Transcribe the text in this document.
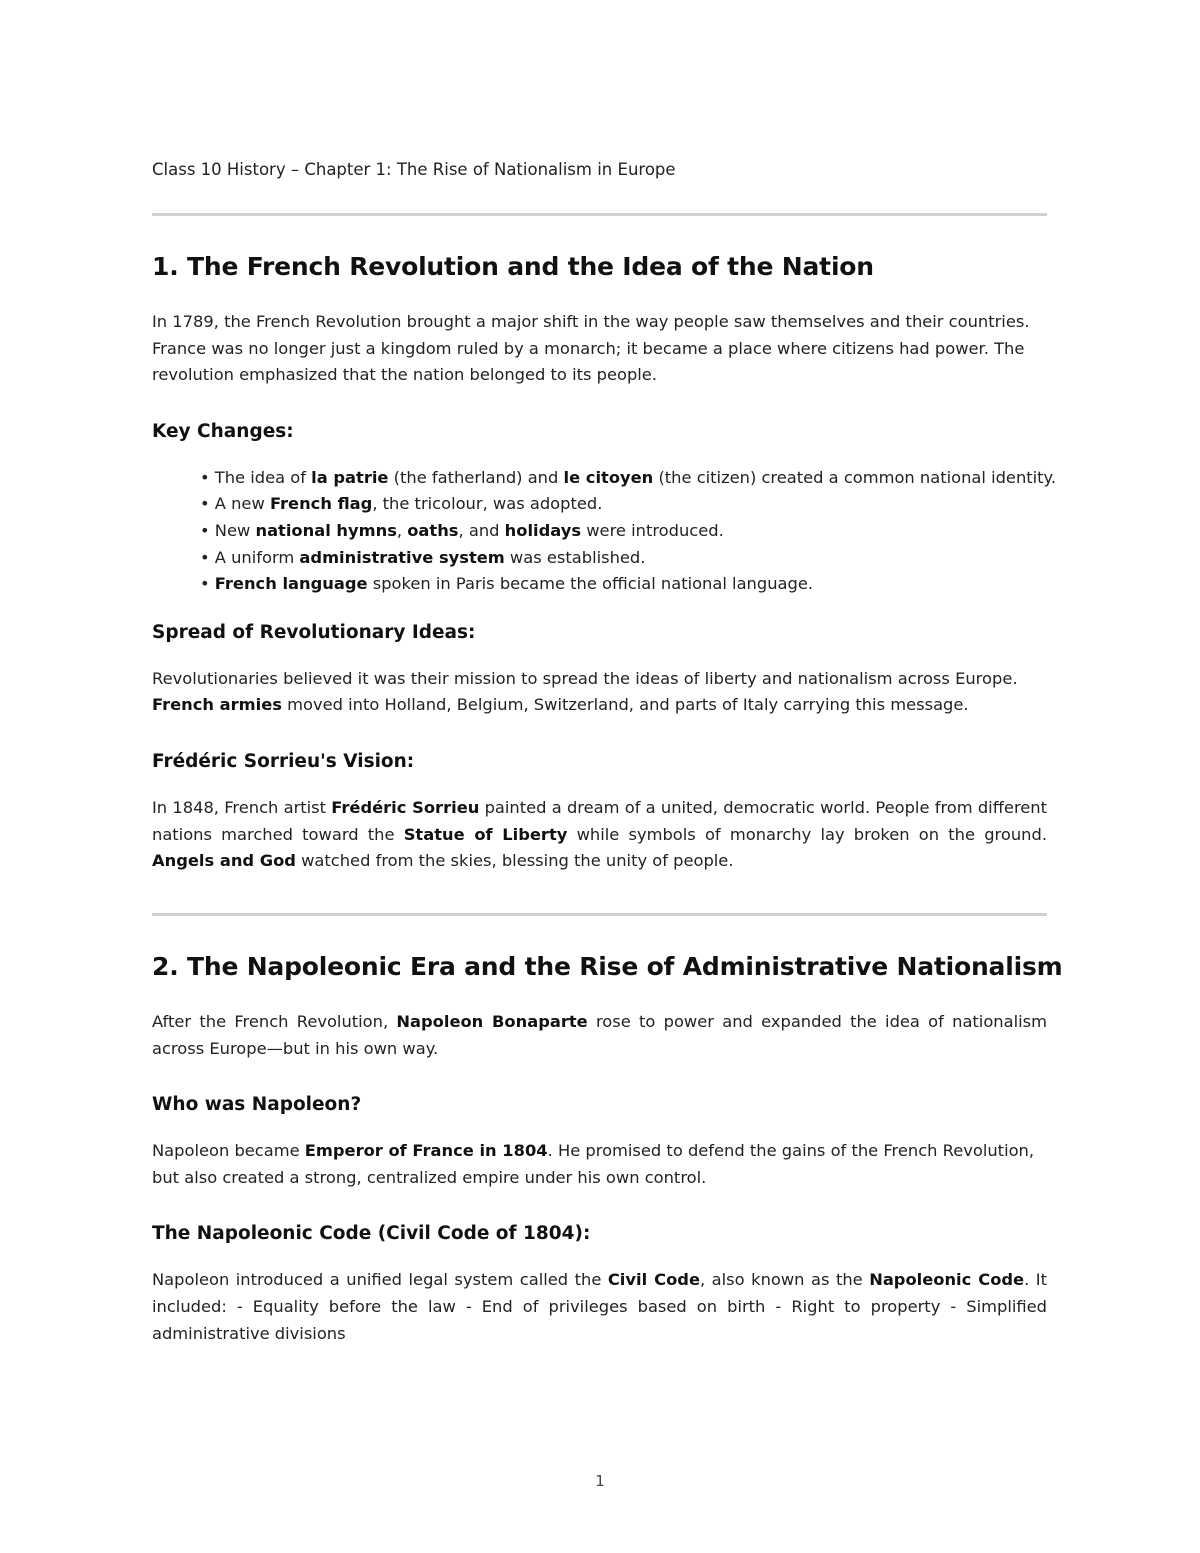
Class 10 History – Chapter 1: The Rise of Nationalism in Europe
1. The French Revolution and the Idea of the Nation

In 1789, the French Revolution brought a major shift in the way people saw themselves and their countries. France was no longer just a kingdom ruled by a monarch; it became a place where citizens had power. The revolution emphasized that the nation belonged to its people.

Key Changes:
• The idea of la patrie (the fatherland) and le citoyen (the citizen) created a common national identity.
• A new French flag, the tricolour, was adopted.
• New national hymns, oaths, and holidays were introduced.
• A uniform administrative system was established.
• French language spoken in Paris became the official national language.
Spread of Revolutionary Ideas:

Revolutionaries believed it was their mission to spread the ideas of liberty and nationalism across Europe. French armies moved into Holland, Belgium, Switzerland, and parts of Italy carrying this message.

Frédéric Sorrieu's Vision:

In 1848, French artist Frédéric Sorrieu painted a dream of a united, democratic world. People from different nations marched toward the Statue of Liberty while symbols of monarchy lay broken on the ground. Angels and God watched from the skies, blessing the unity of people.

2. The Napoleonic Era and the Rise of Administrative Nationalism

After the French Revolution, Napoleon Bonaparte rose to power and expanded the idea of nationalism across Europe—but in his own way.

Who was Napoleon?

Napoleon became Emperor of France in 1804. He promised to defend the gains of the French Revolution, but also created a strong, centralized empire under his own control.

The Napoleonic Code (Civil Code of 1804):

Napoleon introduced a unified legal system called the Civil Code, also known as the Napoleonic Code. It included: - Equality before the law - End of privileges based on birth - Right to property - Simplified administrative divisions

1
